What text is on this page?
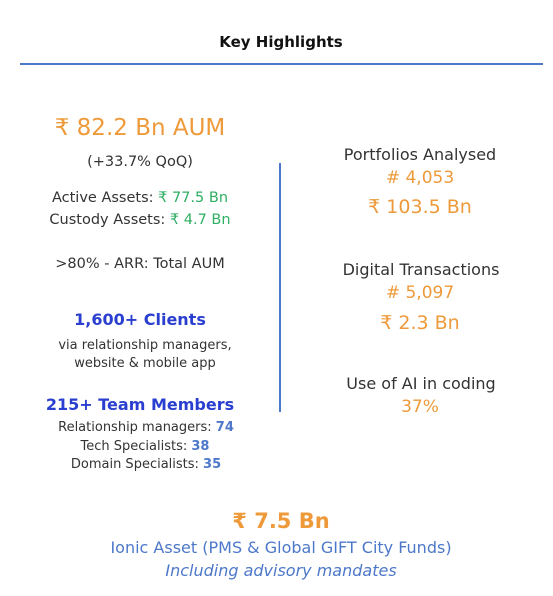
Key Highlights
₹ 82.2 Bn AUM
(+33.7% QoQ)
Active Assets: ₹ 77.5 Bn
Custody Assets: ₹ 4.7 Bn
>80% - ARR: Total AUM
1,600+ Clients
via relationship managers,
website & mobile app
215+ Team Members
Relationship managers: 74
Tech Specialists: 38
Domain Specialists: 35
Portfolios Analysed
# 4,053
₹ 103.5 Bn
Digital Transactions
# 5,097
₹ 2.3 Bn
Use of AI in coding
37%
₹ 7.5 Bn
Ionic Asset (PMS & Global GIFT City Funds)
Including advisory mandates
